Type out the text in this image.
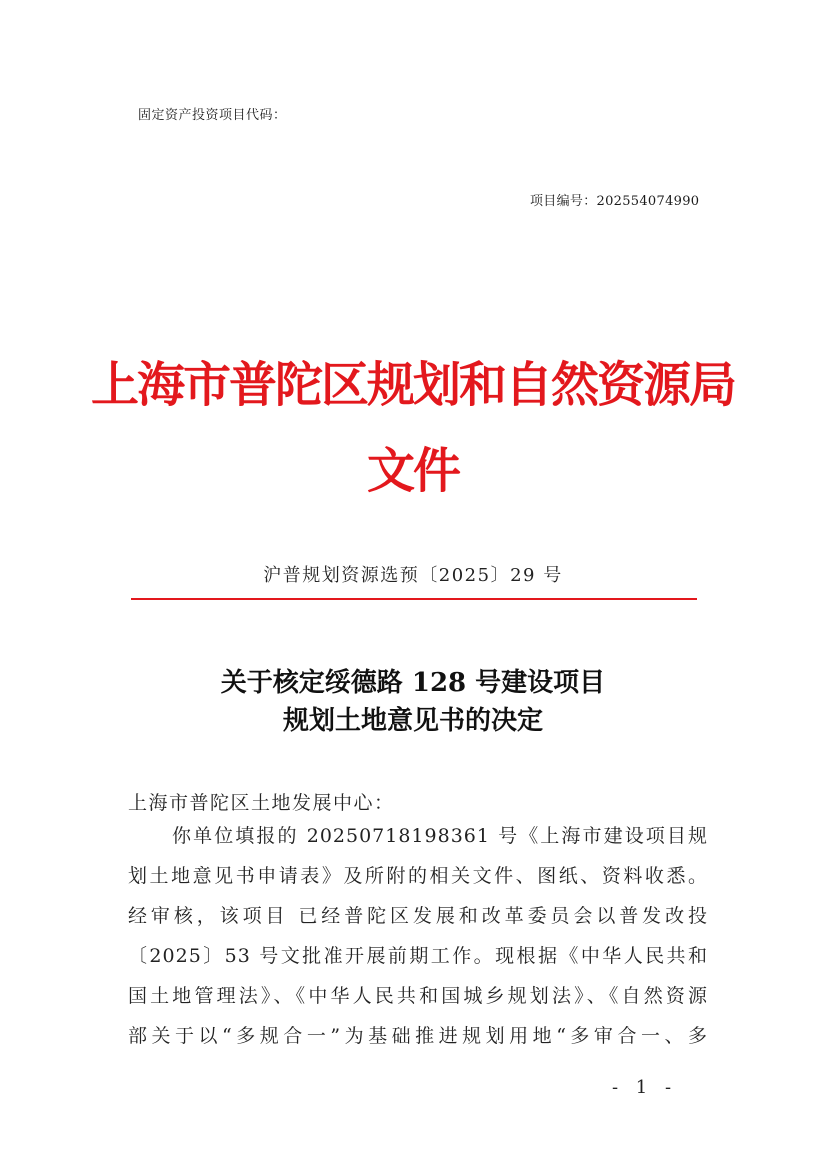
固定资产投资项目代码：
项目编号：202554074990
上海市普陀区规划和自然资源局
文件
沪普规划资源选预〔2025〕29 号
关于核定绥德路 128 号建设项目
规划土地意见书的决定
上海市普陀区土地发展中心：
你单位填报的 20250718198361 号《上海市建设项目规
划土地意见书申请表》及所附的相关文件、图纸、资料收悉。
经审核，该项目 已经普陀区发展和改革委员会以普发改投
〔2025〕53 号文批准开展前期工作。现根据《中华人民共和
国土地管理法》、《中华人民共和国城乡规划法》、《自然资源
部关于以“多规合一”为基础推进规划用地“多审合一、多
- 1 -
